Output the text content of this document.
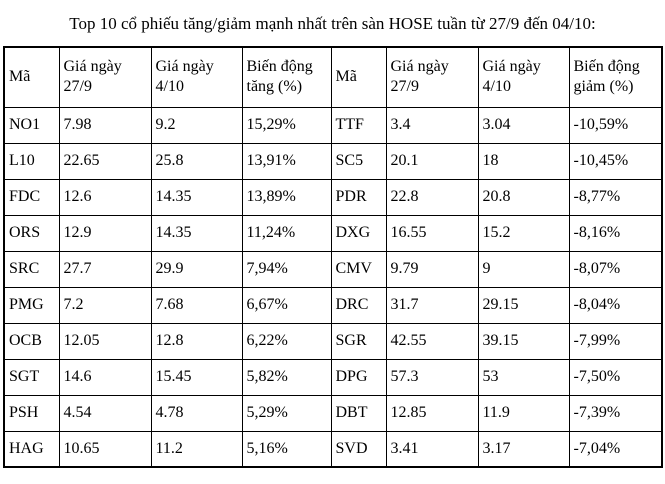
Top 10 cổ phiếu tăng/giảm mạnh nhất trên sàn HOSE tuần từ 27/9 đến 04/10:
Mã	Giá ngày 27/9	Giá ngày 4/10	Biến động tăng (%)	Mã	Giá ngày 27/9	Giá ngày 4/10	Biến động giảm (%)
NO1	7.98	9.2	15,29%	TTF	3.4	3.04	-10,59%
L10	22.65	25.8	13,91%	SC5	20.1	18	-10,45%
FDC	12.6	14.35	13,89%	PDR	22.8	20.8	-8,77%
ORS	12.9	14.35	11,24%	DXG	16.55	15.2	-8,16%
SRC	27.7	29.9	7,94%	CMV	9.79	9	-8,07%
PMG	7.2	7.68	6,67%	DRC	31.7	29.15	-8,04%
OCB	12.05	12.8	6,22%	SGR	42.55	39.15	-7,99%
SGT	14.6	15.45	5,82%	DPG	57.3	53	-7,50%
PSH	4.54	4.78	5,29%	DBT	12.85	11.9	-7,39%
HAG	10.65	11.2	5,16%	SVD	3.41	3.17	-7,04%
